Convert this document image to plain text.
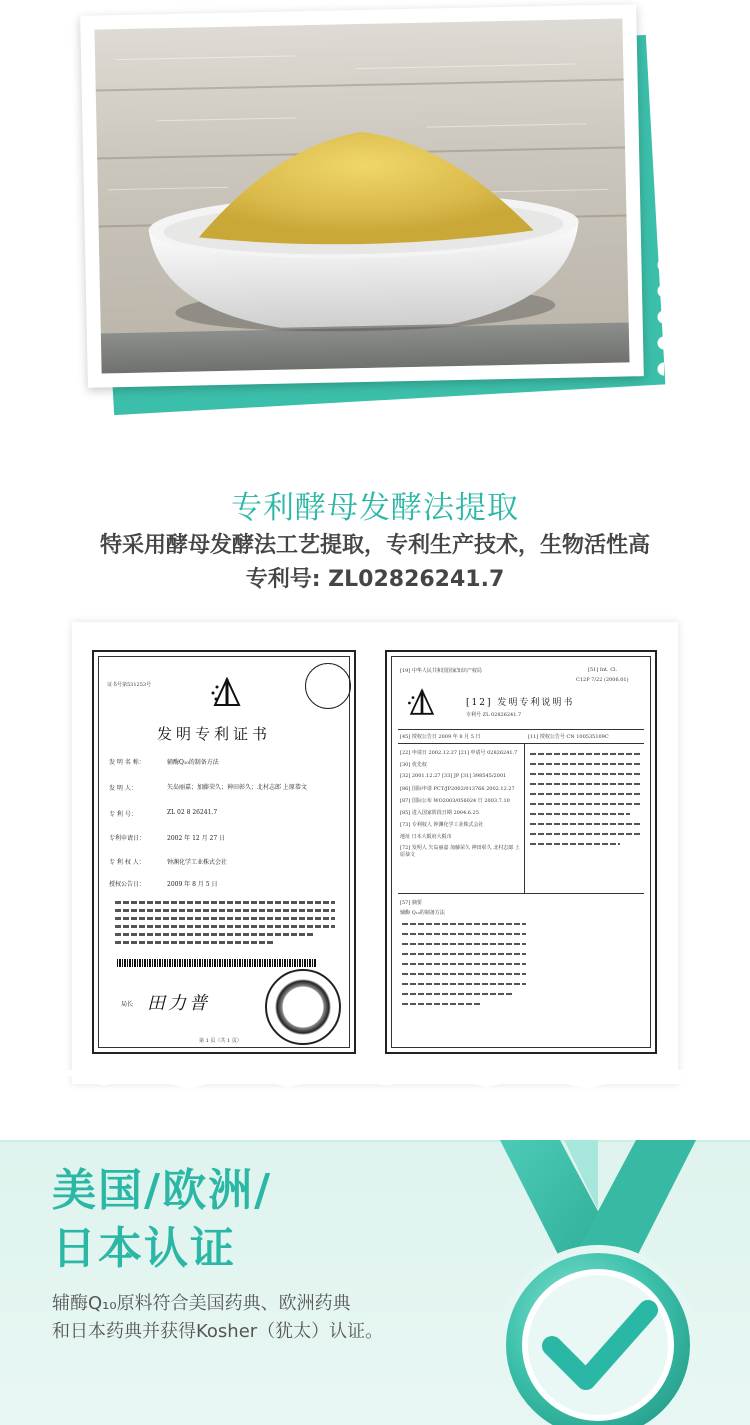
专利酵母发酵法提取
特采用酵母发酵法工艺提取，专利生产技术，生物活性高
专利号: ZL02826241.7
证书号第531253号
发明专利证书
发 明 名 称：	辅酶Q₁₀的制备方法
发 明 人：	矢岛丽嘉；加藤荣久；神田彰久；北村志郎 上原恭文
专 利 号：	ZL 02 8 26241.7
专利申请日：	2002 年 12 月 27 日
专 利 权 人：	钟渊化学工业株式会社
授权公告日：	2009 年 8 月 5 日
局长 田力普
第 1 页（共 1 页）
[19] 中华人民共和国国家知识产权局	[51] Int. Cl.
C12P 7/22 (2006.01)
[12] 发明专利说明书
专利号 ZL 02826241.7
[45] 授权公告日 2009 年 8 月 5 日	[11] 授权公告号 CN 100535109C
[22] 申请日 2002.12.27 [21] 申请号 02826241.7
[30] 优先权
[32] 2001.12.27 [33] JP [31] 398545/2001
[86] 国际申请 PCT/JP2002/013766 2002.12.27
[87] 国际公布 WO2003/056024 日 2003.7.10
[85] 进入国家阶段日期 2004.6.25
[73] 专利权人 钟渊化学工业株式会社
地址 日本大阪府大阪市
[72] 发明人 矢岛丽嘉 加藤荣久 神田彰久 北村志郎 上原恭文
[57] 摘要
辅酶 Q₁₀的制备方法
美国/欧洲/
日本认证
辅酶Q₁₀原料符合美国药典、欧洲药典
和日本药典并获得Kosher（犹太）认证。
